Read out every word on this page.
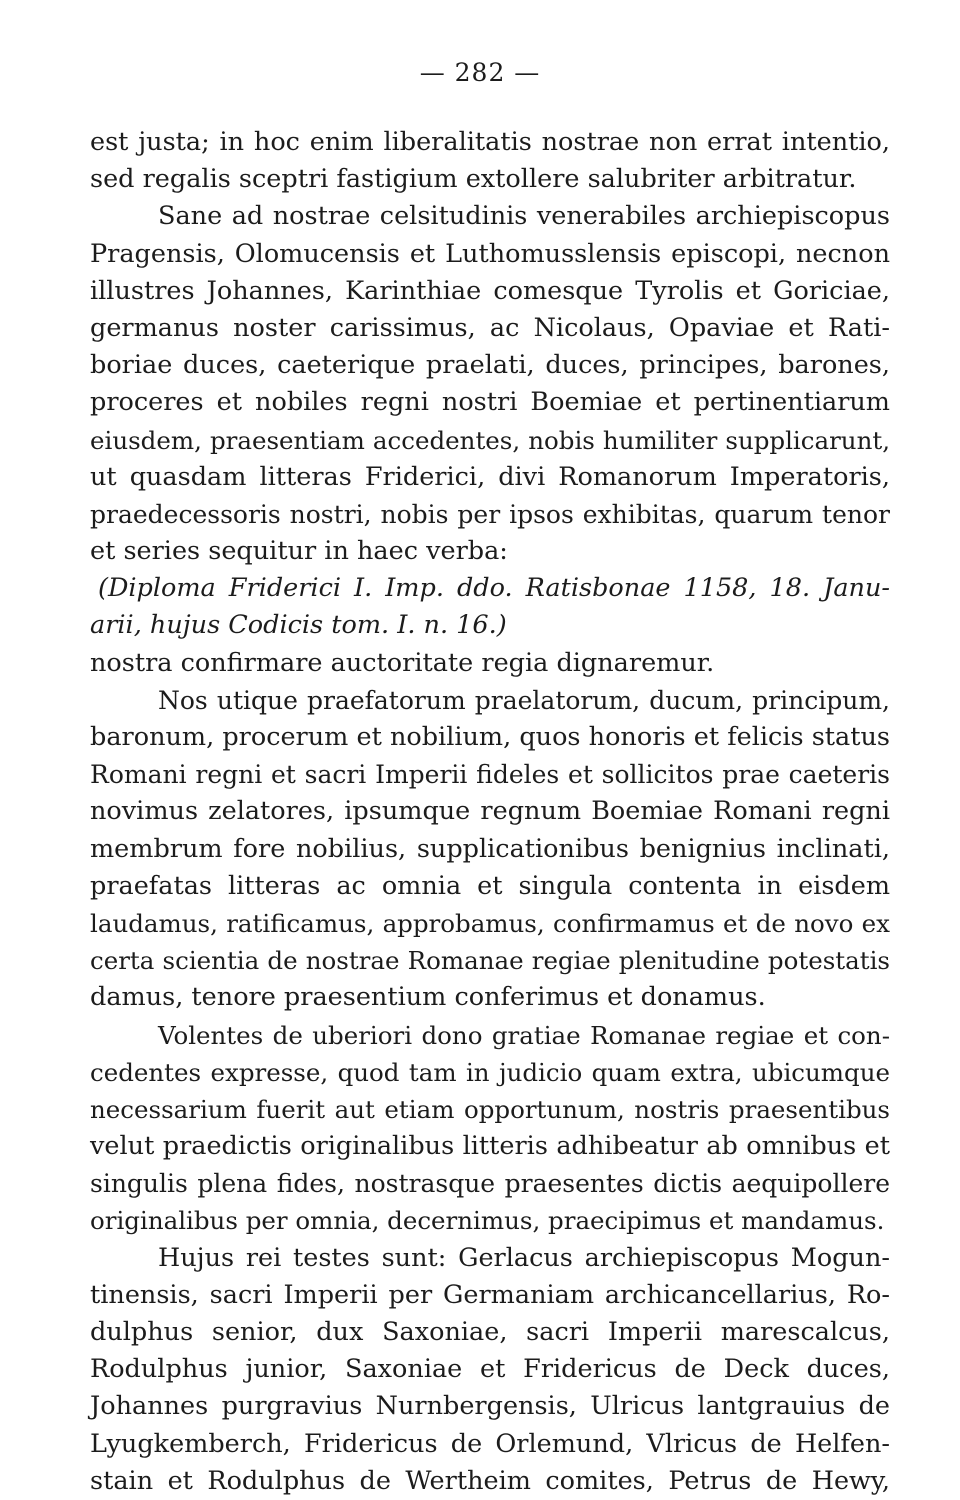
— 282 —
est justa; in hoc enim liberalitatis nostrae non errat intentio,
sed regalis sceptri fastigium extollere salubriter arbitratur.
Sane ad nostrae celsitudinis venerabiles archiepiscopus
Pragensis, Olomucensis et Luthomusslensis episcopi, necnon
illustres Johannes, Karinthiae comesque Tyrolis et Goriciae,
germanus noster carissimus, ac Nicolaus, Opaviae et Rati-
boriae duces, caeterique praelati, duces, principes, barones,
proceres et nobiles regni nostri Boemiae et pertinentiarum
eiusdem, praesentiam accedentes, nobis humiliter supplicarunt,
ut quasdam litteras Friderici, divi Romanorum Imperatoris,
praedecessoris nostri, nobis per ipsos exhibitas, quarum tenor
et series sequitur in haec verba:
(Diploma Friderici I. Imp. ddo. Ratisbonae 1158, 18. Janu-
arii, hujus Codicis tom. I. n. 16.)
nostra confirmare auctoritate regia dignaremur.
Nos utique praefatorum praelatorum, ducum, principum,
baronum, procerum et nobilium, quos honoris et felicis status
Romani regni et sacri Imperii fideles et sollicitos prae caeteris
novimus zelatores, ipsumque regnum Boemiae Romani regni
membrum fore nobilius, supplicationibus benignius inclinati,
praefatas litteras ac omnia et singula contenta in eisdem
laudamus, ratificamus, approbamus, confirmamus et de novo ex
certa scientia de nostrae Romanae regiae plenitudine potestatis
damus, tenore praesentium conferimus et donamus.
Volentes de uberiori dono gratiae Romanae regiae et con-
cedentes expresse, quod tam in judicio quam extra, ubicumque
necessarium fuerit aut etiam opportunum, nostris praesentibus
velut praedictis originalibus litteris adhibeatur ab omnibus et
singulis plena fides, nostrasque praesentes dictis aequipollere
originalibus per omnia, decernimus, praecipimus et mandamus.
Hujus rei testes sunt: Gerlacus archiepiscopus Mogun-
tinensis, sacri Imperii per Germaniam archicancellarius, Ro-
dulphus senior, dux Saxoniae, sacri Imperii marescalcus,
Rodulphus junior, Saxoniae et Fridericus de Deck duces,
Johannes purgravius Nurnbergensis, Ulricus lantgrauius de
Lyugkemberch, Fridericus de Orlemund, Vlricus de Helfen-
stain et Rodulphus de Wertheim comites, Petrus de Hewy,
